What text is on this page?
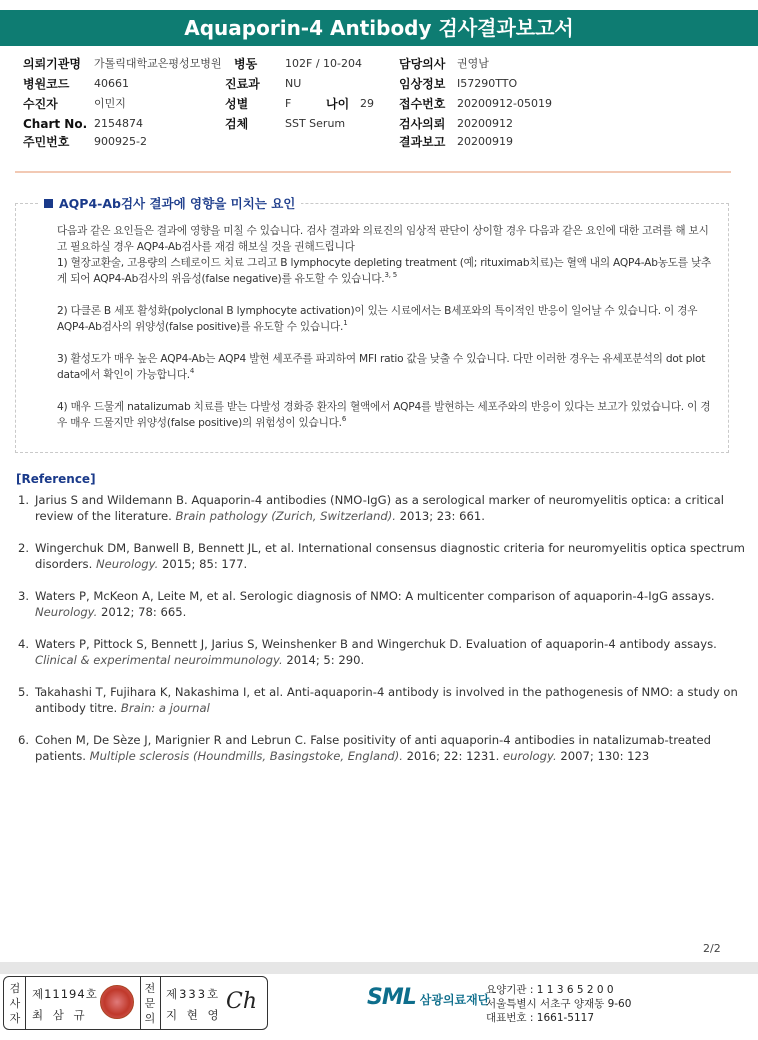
Aquaporin-4 Antibody 검사결과보고서
의뢰기관명 가톨릭대학교은평성모병원 병동	102F / 10-204	담당의사 권영남
병원코드 40661	진료과 NU	임상정보 I57290TTO
수진자	이민지	성별	F	나이 29 접수번호 20200912-05019
Chart No. 2154874	검체	SST Serum	검사의뢰 20200912
주민번호 900925-2	결과보고 20200919
AQP4-Ab검사 결과에 영향을 미치는 요인

다음과 같은 요인들은 결과에 영향을 미칠 수 있습니다. 검사 결과와 의료진의 임상적 판단이 상이할 경우 다음과 같은 요인에 대한 고려를 해 보시고 필요하실 경우 AQP4-Ab검사를 재검 해보실 것을 권해드립니다

1) 혈장교환술, 고용량의 스테로이드 치료 그리고 B lymphocyte depleting treatment (예; rituximab치료)는 혈액 내의 AQP4-Ab농도를 낮추게 되어 AQP4-Ab검사의 위음성(false negative)를 유도할 수 있습니다.$^{3, 5}$

2) 다클론 B 세포 활성화(polyclonal B lymphocyte activation)이 있는 시료에서는 B세포와의 특이적인 반응이 일어날 수 있습니다. 이 경우 AQP4-Ab검사의 위양성(false positive)를 유도할 수 있습니다.$^1$

3) 활성도가 매우 높은 AQP4-Ab는 AQP4 발현 세포주를 파괴하여 MFI ratio 값을 낮출 수 있습니다. 다만 이러한 경우는 유세포분석의 dot plot data에서 확인이 가능합니다.$^4$

4) 매우 드물게 natalizumab 치료를 받는 다발성 경화증 환자의 혈액에서 AQP4를 발현하는 세포주와의 반응이 있다는 보고가 있었습니다. 이 경우 매우 드물지만 위양성(false positive)의 위험성이 있습니다.$^6$

[Reference]
1. Jarius S and Wildemann B. Aquaporin-4 antibodies (NMO-IgG) as a serological marker of neuromyelitis optica: a critical review of the literature. Brain pathology (Zurich, Switzerland). 2013; 23: 661.
2. Wingerchuk DM, Banwell B, Bennett JL, et al. International consensus diagnostic criteria for neuromyelitis optica spectrum disorders. Neurology. 2015; 85: 177.
3. Waters P, McKeon A, Leite M, et al. Serologic diagnosis of NMO: A multicenter comparison of aquaporin-4-IgG assays. Neurology. 2012; 78: 665.
4. Waters P, Pittock S, Bennett J, Jarius S, Weinshenker B and Wingerchuk D. Evaluation of aquaporin-4 antibody assays. Clinical & experimental neuroimmunology. 2014; 5: 290.
5. Takahashi T, Fujihara K, Nakashima I, et al. Anti-aquaporin-4 antibody is involved in the pathogenesis of NMO: a study on antibody titre. Brain: a journal
6. Cohen M, De Sèze J, Marignier R and Lebrun C. False positivity of anti aquaporin-4 antibodies in natalizumab-treated patients. Multiple sclerosis (Houndmills, Basingstoke, England). 2016; 22: 1231. eurology. 2007; 130: 123
2/2
검
사
자
제11194호
최 삼 규
전
문
의
제333호
지 현 영
Ch	SML 삼광의료재단
요양기관 : 1 1 3 6 5 2 0 0
서울특별시 서초구 양재동 9-60
대표번호 : 1661-5117
